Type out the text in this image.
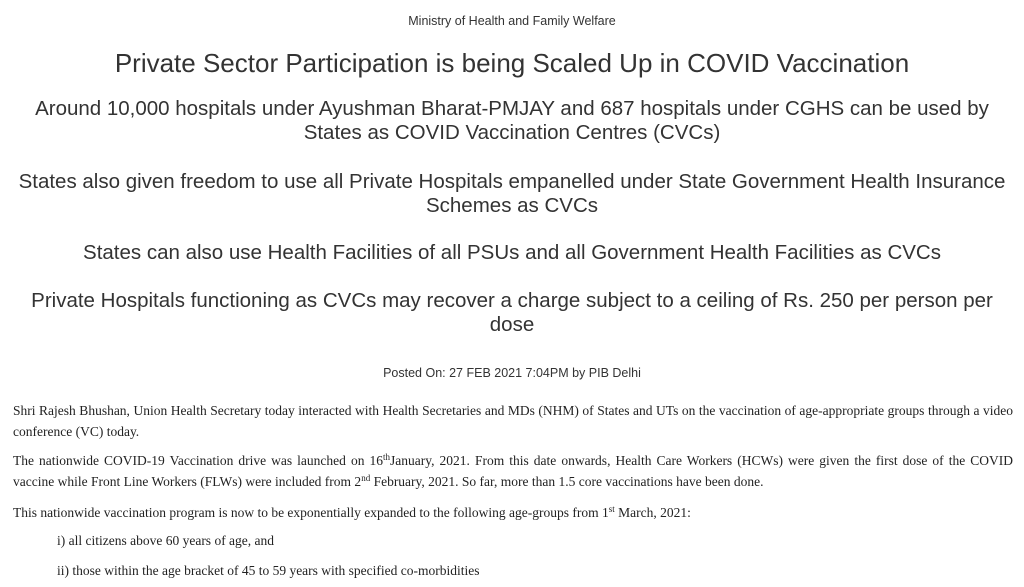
Ministry of Health and Family Welfare
Private Sector Participation is being Scaled Up in COVID Vaccination
Around 10,000 hospitals under Ayushman Bharat-PMJAY and 687 hospitals under CGHS can be used by States as COVID Vaccination Centres (CVCs)
States also given freedom to use all Private Hospitals empanelled under State Government Health Insurance Schemes as CVCs
States can also use Health Facilities of all PSUs and all Government Health Facilities as CVCs
Private Hospitals functioning as CVCs may recover a charge subject to a ceiling of Rs. 250 per person per dose
Posted On: 27 FEB 2021 7:04PM by PIB Delhi

Shri Rajesh Bhushan, Union Health Secretary today interacted with Health Secretaries and MDs (NHM) of States and UTs on the vaccination of age-appropriate groups through a video conference (VC) today.

The nationwide COVID-19 Vaccination drive was launched on 16thJanuary, 2021. From this date onwards, Health Care Workers (HCWs) were given the first dose of the COVID vaccine while Front Line Workers (FLWs) were included from 2nd February, 2021. So far, more than 1.5 core vaccinations have been done.

This nationwide vaccination program is now to be exponentially expanded to the following age-groups from 1st March, 2021:

i) all citizens above 60 years of age, and

ii) those within the age bracket of 45 to 59 years with specified co-morbidities
